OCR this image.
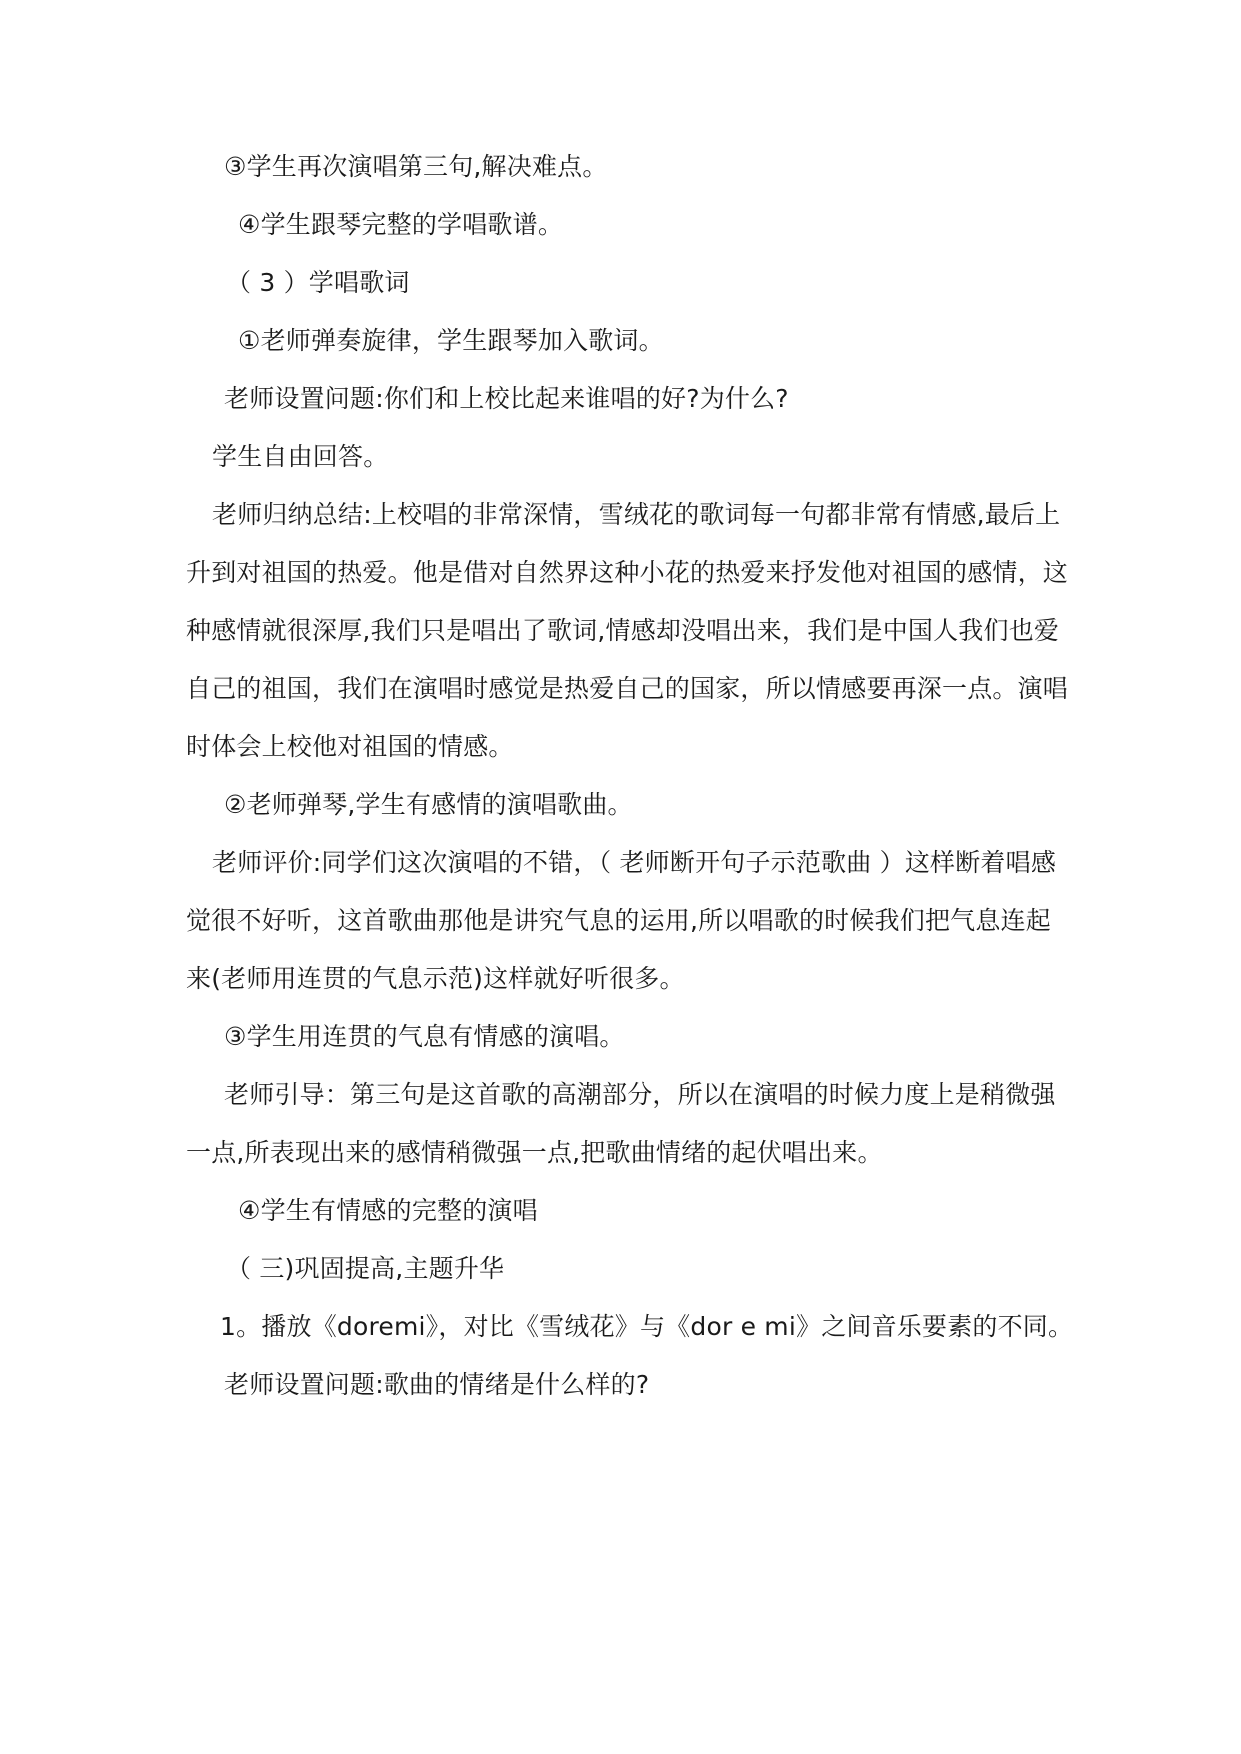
③学生再次演唱第三句,解决难点。
④学生跟琴完整的学唱歌谱。
（ 3 ）学唱歌词
①老师弹奏旋律，学生跟琴加入歌词。
老师设置问题:你们和上校比起来谁唱的好?为什么?
学生自由回答。
老师归纳总结:上校唱的非常深情，雪绒花的歌词每一句都非常有情感,最后上
升到对祖国的热爱。他是借对自然界这种小花的热爱来抒发他对祖国的感情，这
种感情就很深厚,我们只是唱出了歌词,情感却没唱出来，我们是中国人我们也爱
自己的祖国，我们在演唱时感觉是热爱自己的国家，所以情感要再深一点。演唱
时体会上校他对祖国的情感。
②老师弹琴,学生有感情的演唱歌曲。
老师评价:同学们这次演唱的不错，（ 老师断开句子示范歌曲 ）这样断着唱感
觉很不好听，这首歌曲那他是讲究气息的运用,所以唱歌的时候我们把气息连起
来(老师用连贯的气息示范)这样就好听很多。
③学生用连贯的气息有情感的演唱。
老师引导：第三句是这首歌的高潮部分，所以在演唱的时候力度上是稍微强
一点,所表现出来的感情稍微强一点,把歌曲情绪的起伏唱出来。
④学生有情感的完整的演唱
（ 三)巩固提高,主题升华
1。播放《doremi》，对比《雪绒花》与《dor e mi》之间音乐要素的不同。
老师设置问题:歌曲的情绪是什么样的?
